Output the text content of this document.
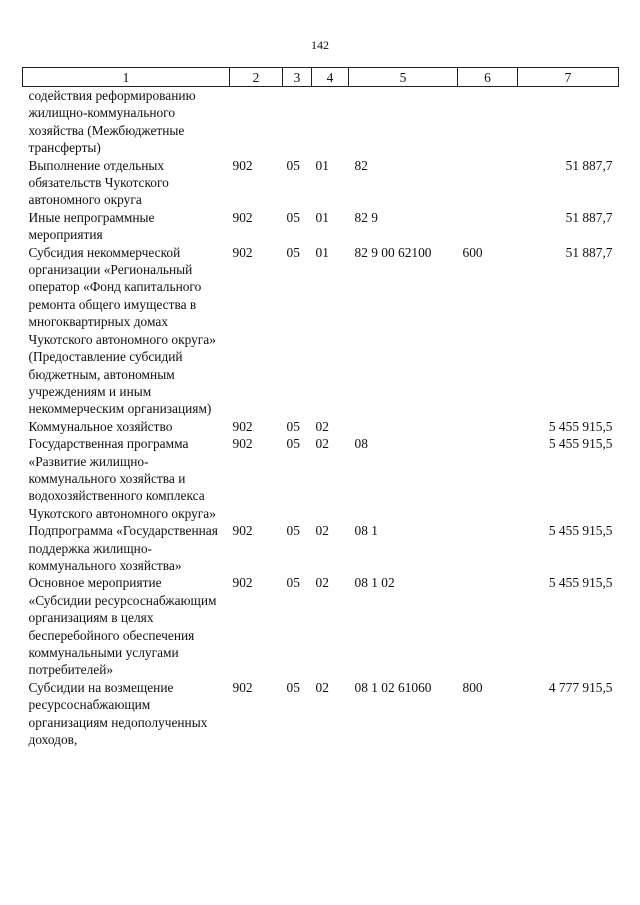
142
1	2	3	4	5	6	7
содействия реформированию жилищно-коммунального хозяйства (Межбюджетные трансферты)						
Выполнение отдельных обязательств Чукотского автономного округа	902	05	01	82		51 887,7
Иные непрограммные мероприятия	902	05	01	82 9		51 887,7
Субсидия некоммерческой организации «Региональный оператор «Фонд капитального ремонта общего имущества в многоквартирных домах Чукотского автономного округа» (Предоставление субсидий бюджетным, автономным учреждениям и иным некоммерческим организациям)	902	05	01	82 9 00 62100	600	51 887,7
Коммунальное хозяйство	902	05	02			5 455 915,5
Государственная программа «Развитие жилищно-коммунального хозяйства и водохозяйственного комплекса Чукотского автономного округа»	902	05	02	08		5 455 915,5
Подпрограмма «Государственная поддержка жилищно-коммунального хозяйства»	902	05	02	08 1		5 455 915,5
Основное мероприятие «Субсидии ресурсоснабжающим организациям в целях бесперебойного обеспечения коммунальными услугами потребителей»	902	05	02	08 1 02		5 455 915,5
Субсидии на возмещение ресурсоснабжающим организациям недополученных доходов,	902	05	02	08 1 02 61060	800	4 777 915,5
